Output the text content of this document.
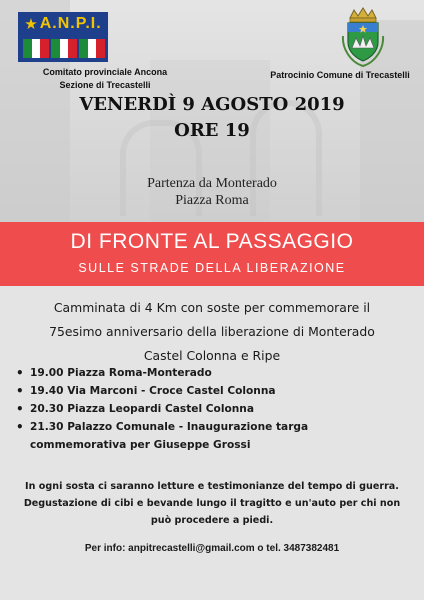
★ A.N.P.I.
Comitato provinciale Ancona
Sezione di Trecastelli
Patrocinio Comune di Trecastelli
VENERDÌ 9 AGOSTO 2019
ORE 19
Partenza da Monterado
Piazza Roma
DI FRONTE AL PASSAGGIO
SULLE STRADE DELLA LIBERAZIONE
Camminata di 4 Km con soste per commemorare il
75esimo anniversario della liberazione di Monterado
Castel Colonna e Ripe
• 19.00 Piazza Roma-Monterado
• 19.40 Via Marconi - Croce Castel Colonna
• 20.30 Piazza Leopardi Castel Colonna
• 21.30 Palazzo Comunale - Inaugurazione targa
commemorativa per Giuseppe Grossi
In ogni sosta ci saranno letture e testimonianze del tempo di guerra.
Degustazione di cibi e bevande lungo il tragitto e un'auto per chi non
può procedere a piedi.
Per info: anpitrecastelli@gmail.com o tel. 3487382481
